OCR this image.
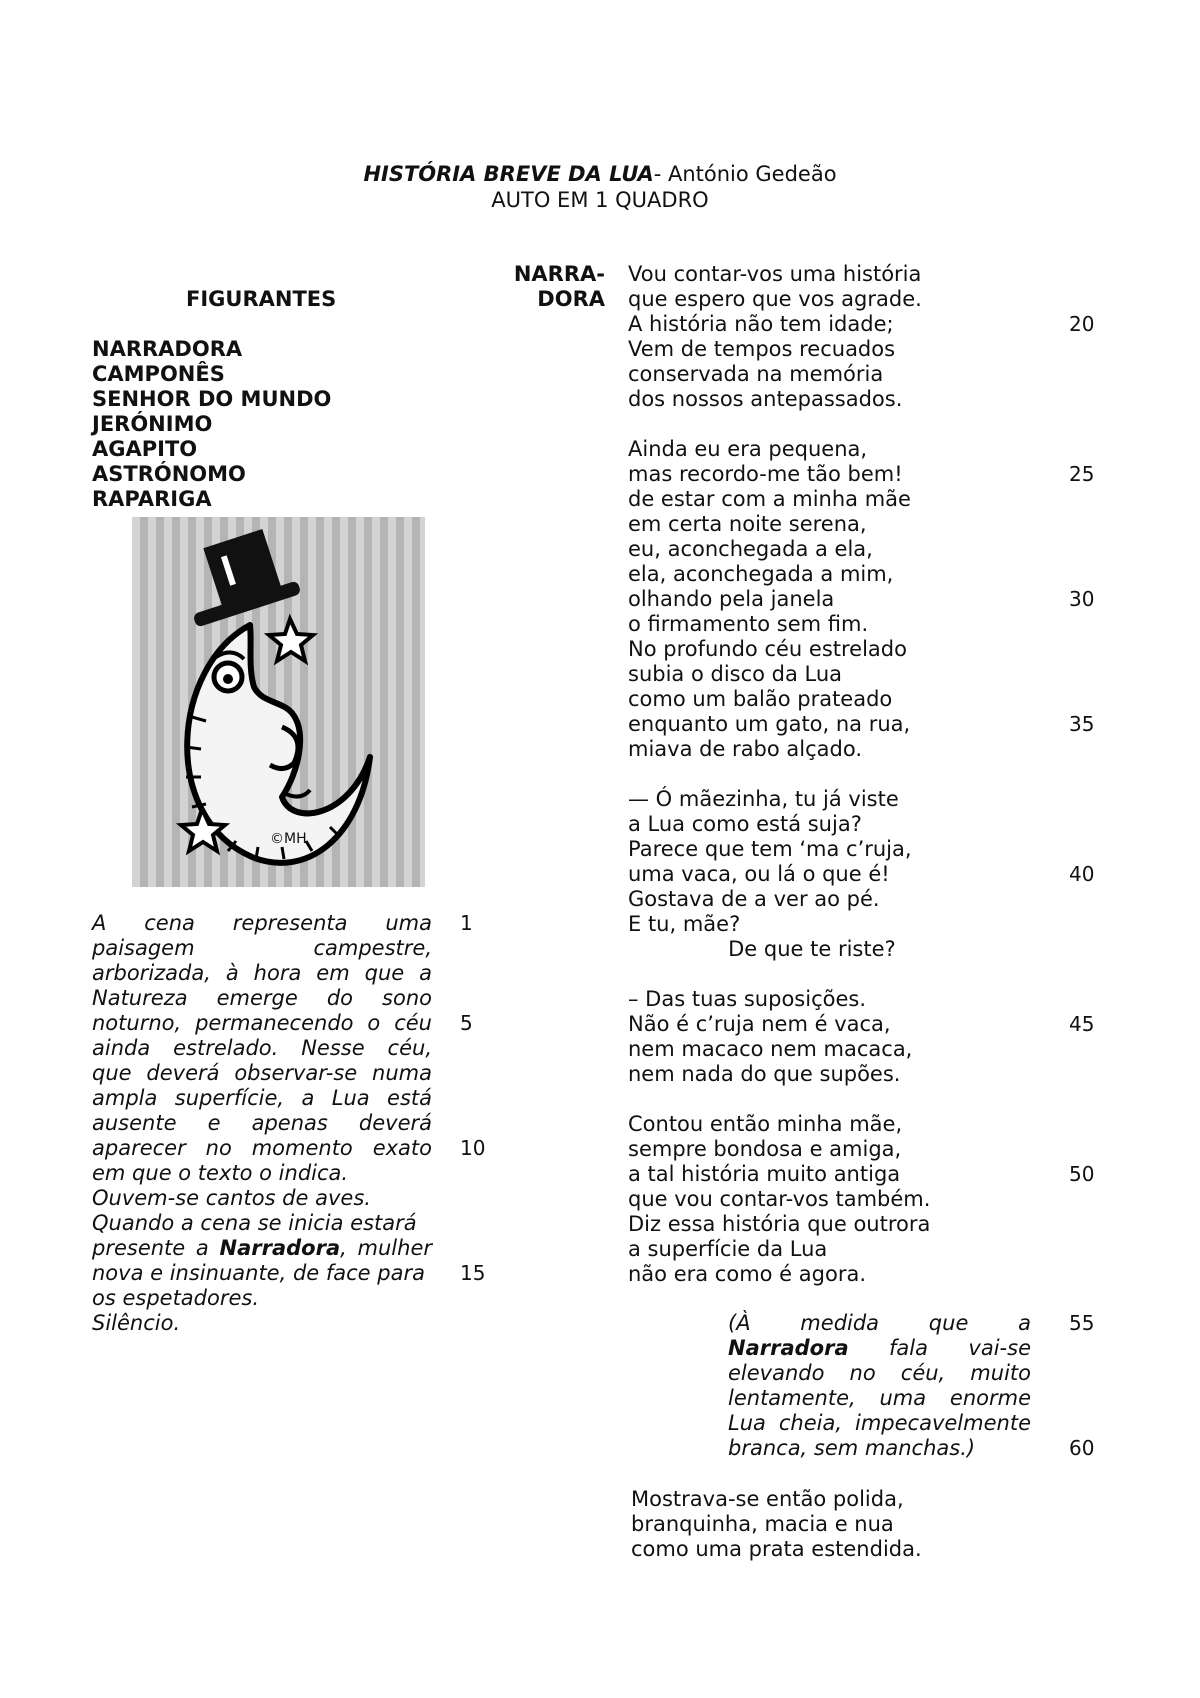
HISTÓRIA BREVE DA LUA- António Gedeão
AUTO EM 1 QUADRO
FIGURANTES
NARRADORA
CAMPONÊS
SENHOR DO MUNDO
JERÓNIMO
AGAPITO
ASTRÓNOMO
RAPARIGA
©MH
A cena representa uma
paisagem campestre,
arborizada, à hora em que a
Natureza emerge do sono
noturno, permanecendo o céu
ainda estrelado. Nesse céu,
que deverá observar-se numa
ampla superfície, a Lua está
ausente e apenas deverá
aparecer no momento exato
em que o texto o indica.
Ouvem-se cantos de aves.
Quando a cena se inicia estará
presente a Narradora, mulher
nova e insinuante, de face para
os espetadores.
Silêncio.
1
5
10
15
NARRA-
DORA
Vou contar-vos uma história
que espero que vos agrade.
A história não tem idade;
Vem de tempos recuados
conservada na memória
dos nossos antepassados.
Ainda eu era pequena,
mas recordo-me tão bem!
de estar com a minha mãe
em certa noite serena,
eu, aconchegada a ela,
ela, aconchegada a mim,
olhando pela janela
o firmamento sem fim.
No profundo céu estrelado
subia o disco da Lua
como um balão prateado
enquanto um gato, na rua,
miava de rabo alçado.
— Ó mãezinha, tu já viste
a Lua como está suja?
Parece que tem ‘ma c’ruja,
uma vaca, ou lá o que é!
Gostava de a ver ao pé.
E tu, mãe?
De que te riste?
– Das tuas suposições.
Não é c’ruja nem é vaca,
nem macaco nem macaca,
nem nada do que supões.
Contou então minha mãe,
sempre bondosa e amiga,
a tal história muito antiga
que vou contar-vos também.
Diz essa história que outrora
a superfície da Lua
não era como é agora.
20
25
30
35
40
45
50
55
60
(À medida que a
Narradora fala vai-se
elevando no céu, muito
lentamente, uma enorme
Lua cheia, impecavelmente
branca, sem manchas.)
Mostrava-se então polida,
branquinha, macia e nua
como uma prata estendida.
